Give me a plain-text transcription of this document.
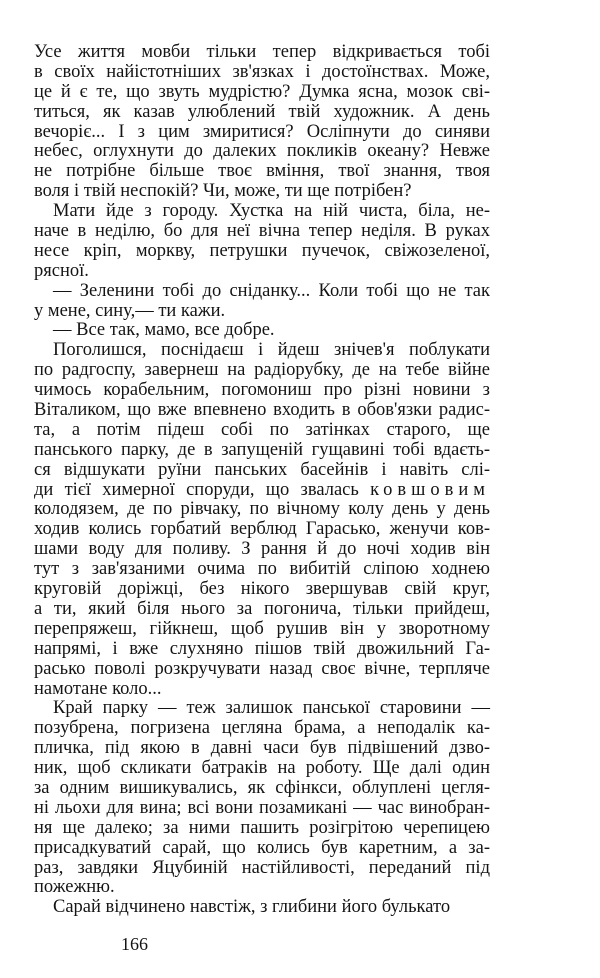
Усе життя мовби тільки тепер відкривається тобі
в своїх найістотніших зв'язках і достоїнствах. Може,
це й є те, що звуть мудрістю? Думка ясна, мозок сві-
титься, як казав улюблений твій художник. А день
вечоріє... І з цим змиритися? Осліпнути до синяви
небес, оглухнути до далеких покликів океану? Невже
не потрібне більше твоє вміння, твої знання, твоя
воля і твій неспокій? Чи, може, ти ще потрібен?
Мати йде з городу. Хустка на ній чиста, біла, не-
наче в неділю, бо для неї вічна тепер неділя. В руках
несе кріп, моркву, петрушки пучечок, свіжозеленої,
рясної.
— Зеленини тобі до сніданку... Коли тобі що не так
у мене, сину,— ти кажи.
— Все так, мамо, все добре.
Поголишся, поснідаєш і йдеш знічев'я поблукати
по радгоспу, завернеш на радіорубку, де на тебе війне
чимось корабельним, погомониш про різні новини з
Віталиком, що вже впевнено входить в обов'язки радис-
та, а потім підеш собі по затінках старого, ще
панського парку, де в запущеній гущавині тобі вдаєть-
ся відшукати руїни панських басейнів і навіть слі-
ди тієї химерної споруди, що звалась ковшовим
колодязем, де по рівчаку, по вічному колу день у день
ходив колись горбатий верблюд Гарасько, женучи ков-
шами воду для поливу. З рання й до ночі ходив він
тут з зав'язаними очима по вибитій сліпою ходнею
круговій доріжці, без нікого звершував свій круг,
а ти, який біля нього за погонича, тільки прийдеш,
перепряжеш, гійкнеш, щоб рушив він у зворотному
напрямі, і вже слухняно пішов твій двожильний Га-
расько поволі розкручувати назад своє вічне, терпляче
намотане коло...
Край парку — теж залишок панської старовини —
позубрена, погризена цегляна брама, а неподалік ка-
пличка, під якою в давні часи був підвішений дзво-
ник, щоб скликати батраків на роботу. Ще далі один
за одним вишикувались, як сфінкси, облуплені цегля-
ні льохи для вина; всі вони позамикані — час винобран-
ня ще далеко; за ними пашить розігрітою черепицею
присадкуватий сарай, що колись був каретним, а за-
раз, завдяки Яцубиній настійливості, переданий під
пожежню.
Сарай відчинено навстіж, з глибини його булькато
166
